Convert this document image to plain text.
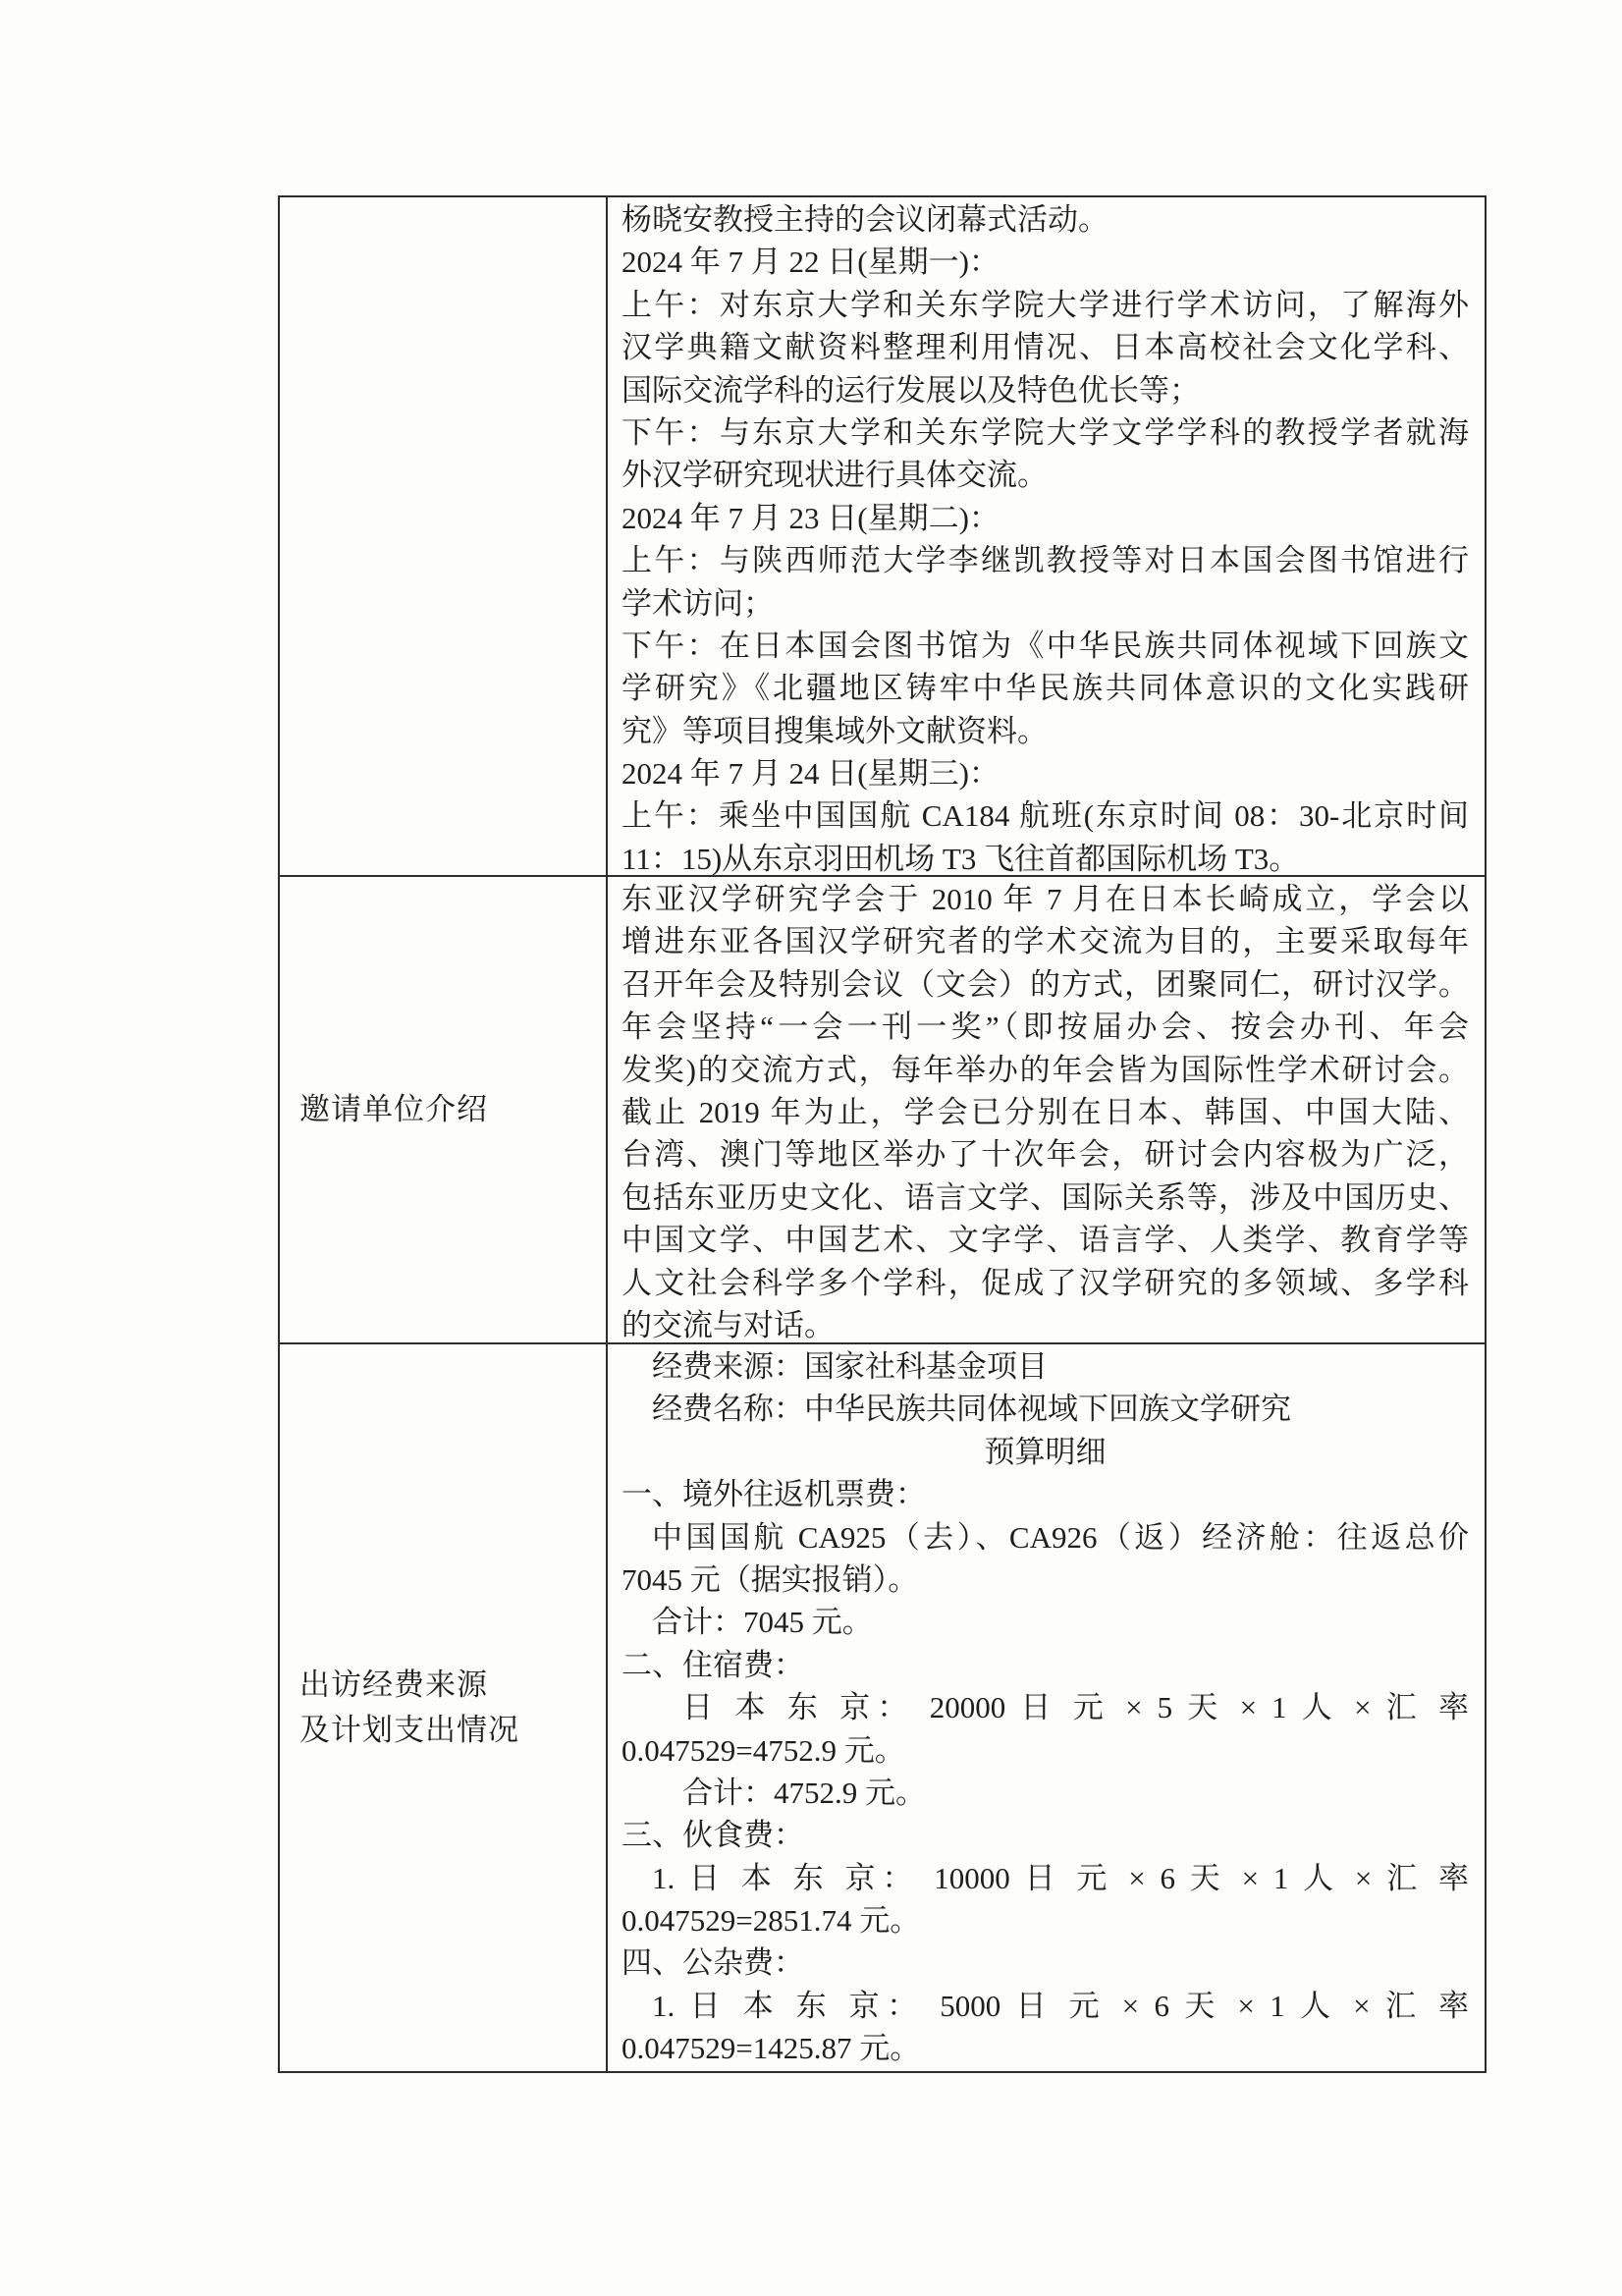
杨晓安教授主持的会议闭幕式活动。
2024 年 7 月 22 日(星期一)：
上午：对东京大学和关东学院大学进行学术访问，了解海外
汉学典籍文献资料整理利用情况、日本高校社会文化学科、
国际交流学科的运行发展以及特色优长等；
下午：与东京大学和关东学院大学文学学科的教授学者就海
外汉学研究现状进行具体交流。
2024 年 7 月 23 日(星期二)：
上午：与陕西师范大学李继凯教授等对日本国会图书馆进行
学术访问；
下午：在日本国会图书馆为《中华民族共同体视域下回族文
学研究》《北疆地区铸牢中华民族共同体意识的文化实践研
究》等项目搜集域外文献资料。
2024 年 7 月 24 日(星期三)：
上午：乘坐中国国航 CA184 航班(东京时间 08：30-北京时间
11：15)从东京羽田机场 T3 飞往首都国际机场 T3。
邀请单位介绍
东亚汉学研究学会于 2010 年 7 月在日本长崎成立，学会以
增进东亚各国汉学研究者的学术交流为目的，主要采取每年
召开年会及特别会议（文会）的方式，团聚同仁，研讨汉学。
年会坚持“一会一刊一奖”（即按届办会、按会办刊、年会
发奖)的交流方式，每年举办的年会皆为国际性学术研讨会。
截止 2019 年为止，学会已分别在日本、韩国、中国大陆、
台湾、澳门等地区举办了十次年会，研讨会内容极为广泛，
包括东亚历史文化、语言文学、国际关系等，涉及中国历史、
中国文学、中国艺术、文字学、语言学、人类学、教育学等
人文社会科学多个学科，促成了汉学研究的多领域、多学科
的交流与对话。
出访经费来源
及计划支出情况
经费来源：国家社科基金项目
经费名称：中华民族共同体视域下回族文学研究
预算明细
一、境外往返机票费：
中国国航 CA925（去）、CA926（返）经济舱：往返总价
7045 元（据实报销）。
合计：7045 元。
二、住宿费：
日 本 东 京： 20000 日 元 × 5 天 × 1 人 × 汇 率
0.047529=4752.9 元。
合计：4752.9 元。
三、伙食费：
1. 日 本 东 京： 10000 日 元 × 6 天 × 1 人 × 汇 率
0.047529=2851.74 元。
四、公杂费：
1. 日 本 东 京： 5000 日 元 × 6 天 × 1 人 × 汇 率
0.047529=1425.87 元。
